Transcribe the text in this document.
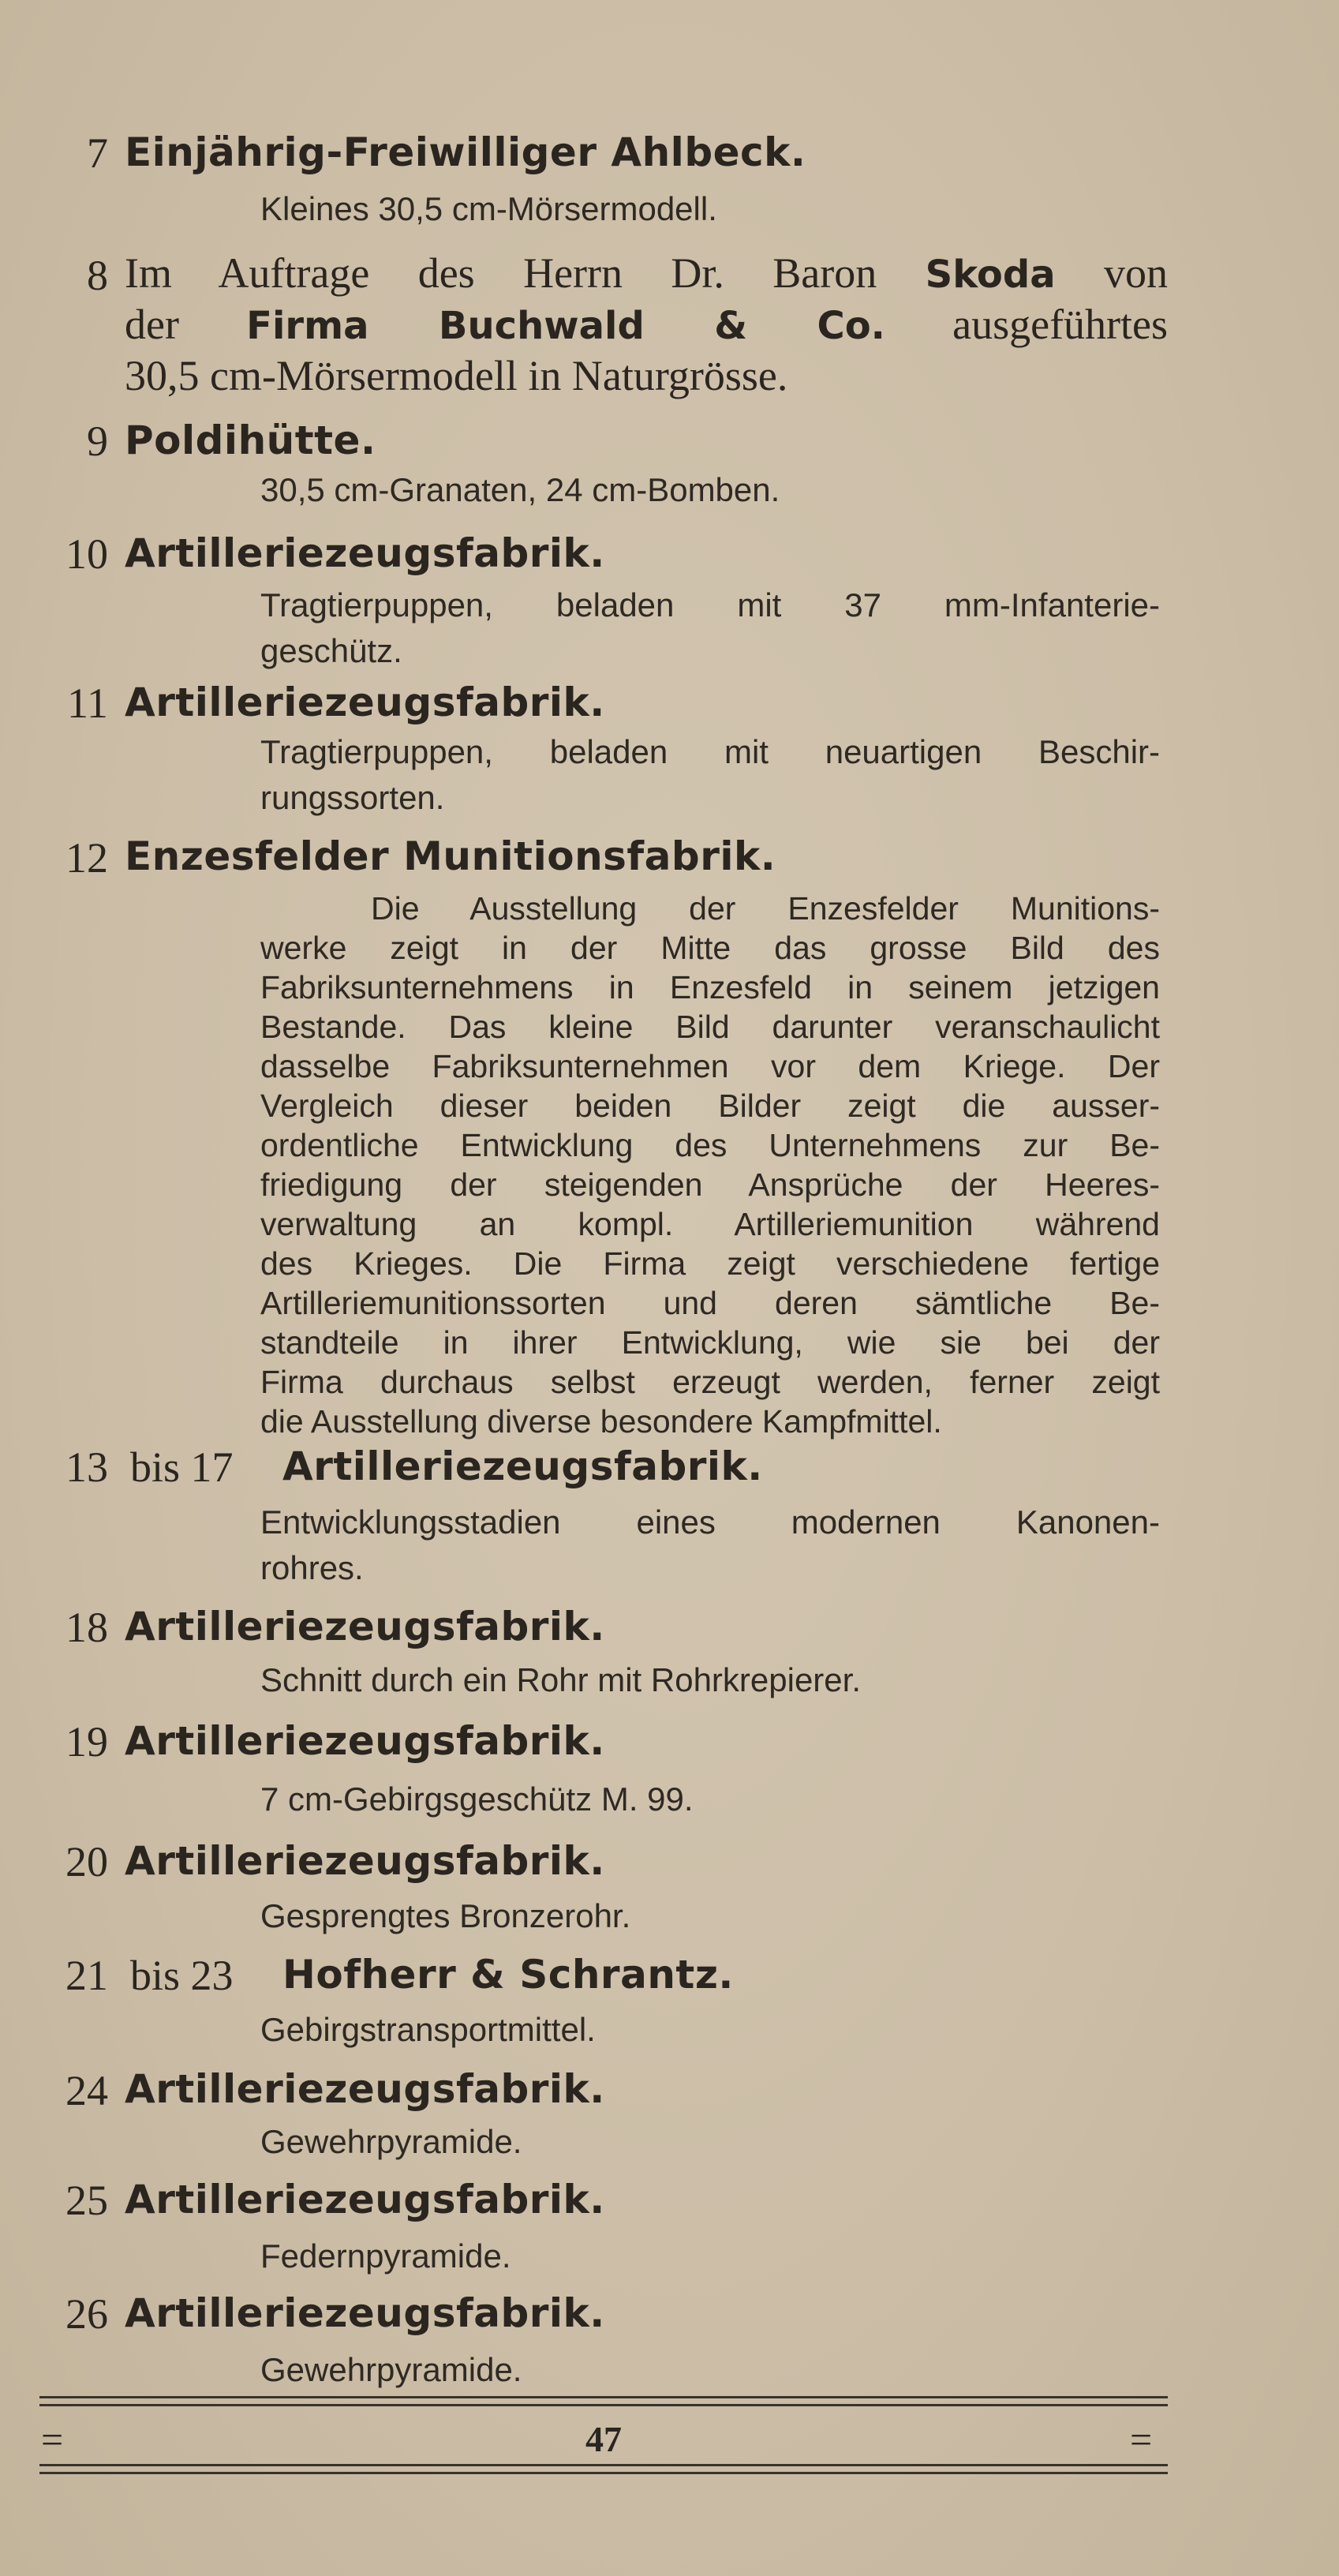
7 Einjährig-Freiwilliger Ahlbeck.
Kleines 30,5 cm-Mörsermodell.
8 Im Auftrage des Herrn Dr. Baron Skoda von
der Firma Buchwald & Co. ausgeführtes
30,5 cm-Mörsermodell in Naturgrösse.
9 Poldihütte.
30,5 cm-Granaten, 24 cm-Bomben.
10 Artilleriezeugsfabrik.
Tragtierpuppen, beladen mit 37 mm-Infanterie-
geschütz.
11 Artilleriezeugsfabrik.
Tragtierpuppen, beladen mit neuartigen Beschir-
rungssorten.
12 Enzesfelder Munitionsfabrik.
Die Ausstellung der Enzesfelder Munitions-
werke zeigt in der Mitte das grosse Bild des
Fabriksunternehmens in Enzesfeld in seinem jetzigen
Bestande. Das kleine Bild darunter veranschaulicht
dasselbe Fabriksunternehmen vor dem Kriege. Der
Vergleich dieser beiden Bilder zeigt die ausser-
ordentliche Entwicklung des Unternehmens zur Be-
friedigung der steigenden Ansprüche der Heeres-
verwaltung an kompl. Artilleriemunition während
des Krieges. Die Firma zeigt verschiedene fertige
Artilleriemunitionssorten und deren sämtliche Be-
standteile in ihrer Entwicklung, wie sie bei der
Firma durchaus selbst erzeugt werden, ferner zeigt
die Ausstellung diverse besondere Kampfmittel.
13 bis 17 Artilleriezeugsfabrik.
Entwicklungsstadien eines modernen Kanonen-
rohres.
18 Artilleriezeugsfabrik.
Schnitt durch ein Rohr mit Rohrkrepierer.
19 Artilleriezeugsfabrik.
7 cm-Gebirgsgeschütz M. 99.
20 Artilleriezeugsfabrik.
Gesprengtes Bronzerohr.
21 bis 23 Hofherr & Schrantz.
Gebirgstransportmittel.
24 Artilleriezeugsfabrik.
Gewehrpyramide.
25 Artilleriezeugsfabrik.
Federnpyramide.
26 Artilleriezeugsfabrik.
Gewehrpyramide.
=	47	=
